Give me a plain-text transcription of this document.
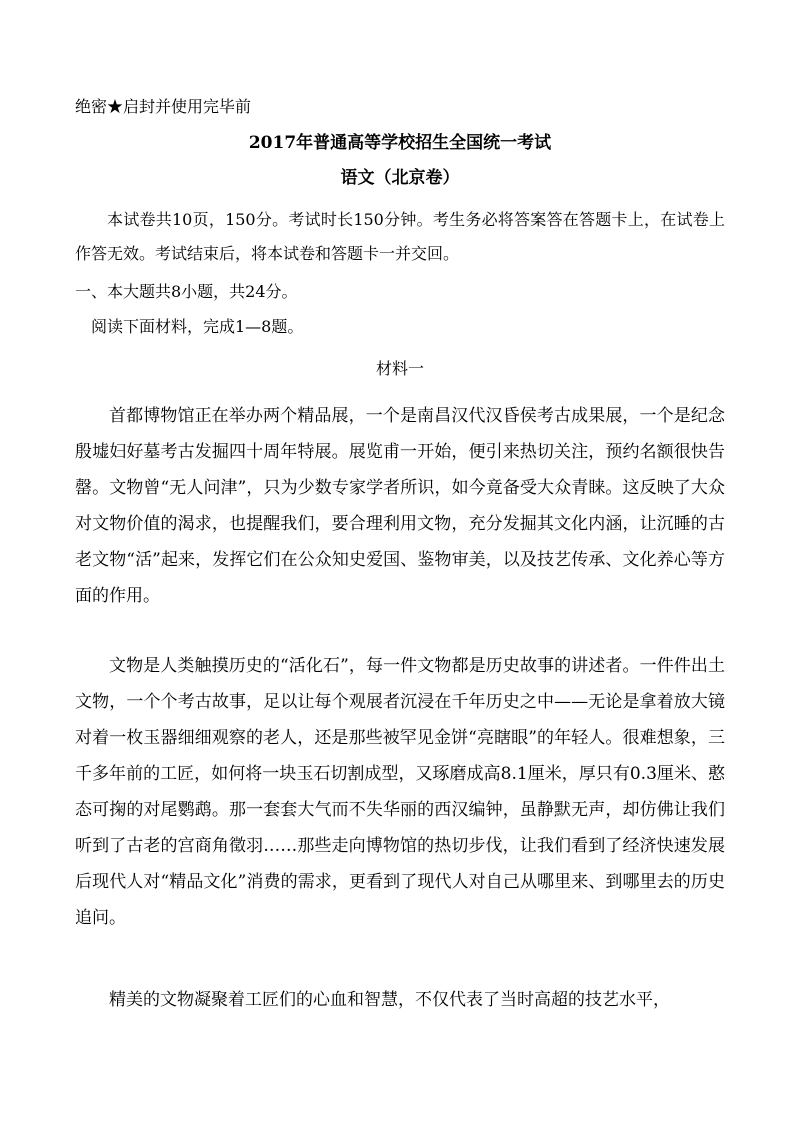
绝密★启封并使用完毕前
2017年普通高等学校招生全国统一考试
语文（北京卷）

本试卷共10页，150分。考试时长150分钟。考生务必将答案答在答题卡上，在试卷上作答无效。考试结束后，将本试卷和答题卡一并交回。

一、本大题共8小题，共24分。
阅读下面材料，完成1—8题。
材料一

首都博物馆正在举办两个精品展，一个是南昌汉代汉昏侯考古成果展，一个是纪念殷墟妇好墓考古发掘四十周年特展。展览甫一开始，便引来热切关注，预约名额很快告罄。文物曾“无人问津”，只为少数专家学者所识，如今竟备受大众青睐。这反映了大众对文物价值的渴求，也提醒我们，要合理利用文物，充分发掘其文化内涵，让沉睡的古老文物“活”起来，发挥它们在公众知史爱国、鉴物审美，以及技艺传承、文化养心等方面的作用。

文物是人类触摸历史的“活化石”，每一件文物都是历史故事的讲述者。一件件出土文物，一个个考古故事，足以让每个观展者沉浸在千年历史之中——无论是拿着放大镜对着一枚玉器细细观察的老人，还是那些被罕见金饼“亮瞎眼”的年轻人。很难想象，三千多年前的工匠，如何将一块玉石切割成型，又琢磨成高8.1厘米，厚只有0.3厘米、憨态可掬的对尾鹦鹉。那一套套大气而不失华丽的西汉编钟，虽静默无声，却仿佛让我们听到了古老的宫商角徵羽……那些走向博物馆的热切步伐，让我们看到了经济快速发展后现代人对“精品文化”消费的需求，更看到了现代人对自己从哪里来、到哪里去的历史追问。

精美的文物凝聚着工匠们的心血和智慧，不仅代表了当时高超的技艺水平，
